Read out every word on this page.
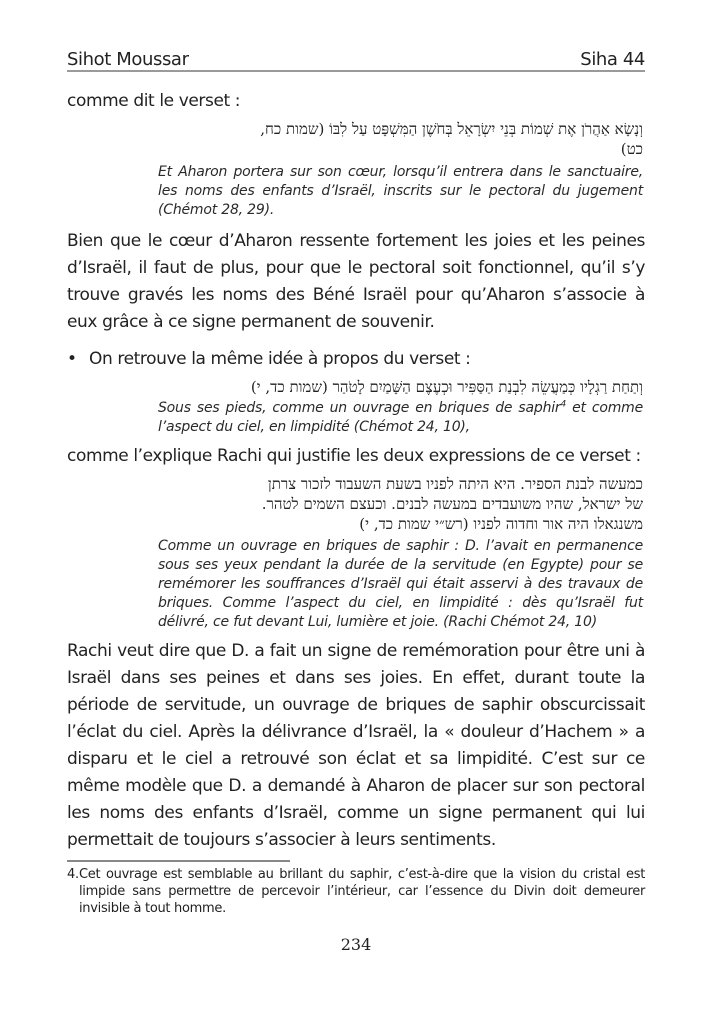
Sihot Moussar	Siha 44

comme dit le verset :

וְנָשָׂא אַהֲרֹן אֶת שְׁמוֹת בְּנֵי יִשְׂרָאֵל בְּחֹשֶׁן הַמִּשְׁפָּט עַל לִבּוֹ (שמות כח,
כט)
Et Aharon portera sur son cœur, lorsqu’il entrera dans le sanctuaire, les noms des enfants d’Israël, inscrits sur le pectoral du jugement (Chémot 28, 29).

Bien que le cœur d’Aharon ressente fortement les joies et les peines d’Israël, il faut de plus, pour que le pectoral soit fonctionnel, qu’il s’y trouve gravés les noms des Béné Israël pour qu’Aharon s’associe à eux grâce à ce signe permanent de souvenir.

• On retrouve la même idée à propos du verset :
וְתַחַת רַגְלָיו כְּמַעֲשֵׂה לִבְנַת הַסַּפִּיר וּכְעֶצֶם הַשָּׁמַיִם לָטֹהַר (שמות כד, י)
Sous ses pieds, comme un ouvrage en briques de saphir$^4$ et comme l’aspect du ciel, en limpidité (Chémot 24, 10),

comme l’explique Rachi qui justifie les deux expressions de ce verset :

כמעשה לבנת הספיר. היא היתה לפניו בשעת השעבוד לזכור צרתן
של ישראל, שהיו משועבדים במעשה לבנים. וכעצם השמים לטהר.
משנגאלו היה אור וחדוה לפניו (רש״י שמות כד, י)
Comme un ouvrage en briques de saphir : D. l’avait en permanence sous ses yeux pendant la durée de la servitude (en Egypte) pour se remémorer les souffrances d’Israël qui était asservi à des travaux de briques. Comme l’aspect du ciel, en limpidité : dès qu’Israël fut délivré, ce fut devant Lui, lumière et joie. (Rachi Chémot 24, 10)

Rachi veut dire que D. a fait un signe de remémoration pour être uni à Israël dans ses peines et dans ses joies. En effet, durant toute la période de servitude, un ouvrage de briques de saphir obscurcissait l’éclat du ciel. Après la délivrance d’Israël, la « douleur d’Hachem » a disparu et le ciel a retrouvé son éclat et sa limpidité. C’est sur ce même modèle que D. a demandé à Aharon de placer sur son pectoral les noms des enfants d’Israël, comme un signe permanent qui lui permettait de toujours s’associer à leurs sentiments.

4. Cet ouvrage est semblable au brillant du saphir, c’est-à-dire que la vision du cristal est limpide sans permettre de percevoir l’intérieur, car l’essence du Divin doit demeurer invisible à tout homme.
234
